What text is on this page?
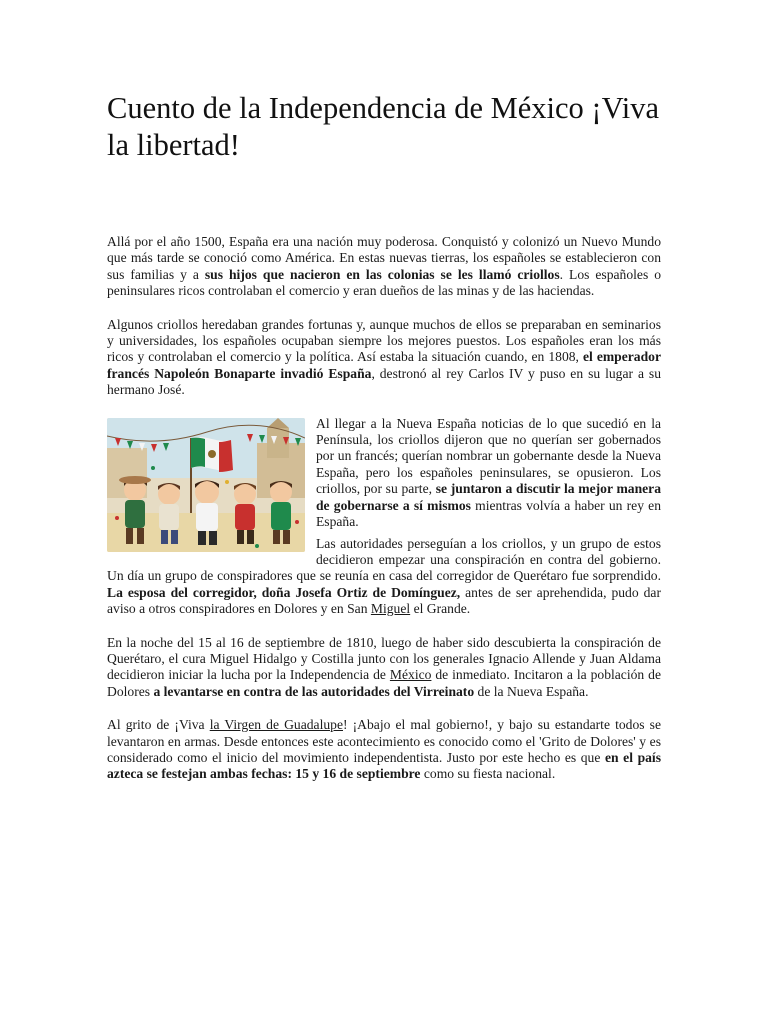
Cuento de la Independencia de México ¡Viva la libertad!

Allá por el año 1500, España era una nación muy poderosa. Conquistó y colonizó un Nuevo Mundo que más tarde se conoció como América. En estas nuevas tierras, los españoles se establecieron con sus familias y a sus hijos que nacieron en las colonias se les llamó criollos. Los españoles o peninsulares ricos controlaban el comercio y eran dueños de las minas y de las haciendas.

Algunos criollos heredaban grandes fortunas y, aunque muchos de ellos se preparaban en seminarios y universidades, los españoles ocupaban siempre los mejores puestos. Los españoles eran los más ricos y controlaban el comercio y la política. Así estaba la situación cuando, en 1808, el emperador francés Napoleón Bonaparte invadió España, destronó al rey Carlos IV y puso en su lugar a su hermano José.

Al llegar a la Nueva España noticias de lo que sucedió en la Península, los criollos dijeron que no querían ser gobernados por un francés; querían nombrar un gobernante desde la Nueva España, pero los españoles peninsulares, se opusieron. Los criollos, por su parte, se juntaron a discutir la mejor manera de gobernarse a sí mismos mientras volvía a haber un rey en España.

Las autoridades perseguían a los criollos, y un grupo de estos decidieron empezar una conspiración en contra del gobierno. Un día un grupo de conspiradores que se reunía en casa del corregidor de Querétaro fue sorprendido. La esposa del corregidor, doña Josefa Ortiz de Domínguez, antes de ser aprehendida, pudo dar aviso a otros conspiradores en Dolores y en San Miguel el Grande.

En la noche del 15 al 16 de septiembre de 1810, luego de haber sido descubierta la conspiración de Querétaro, el cura Miguel Hidalgo y Costilla junto con los generales Ignacio Allende y Juan Aldama decidieron iniciar la lucha por la Independencia de México de inmediato. Incitaron a la población de Dolores a levantarse en contra de las autoridades del Virreinato de la Nueva España.

Al grito de ¡Viva la Virgen de Guadalupe! ¡Abajo el mal gobierno!, y bajo su estandarte todos se levantaron en armas. Desde entonces este acontecimiento es conocido como el 'Grito de Dolores' y es considerado como el inicio del movimiento independentista. Justo por este hecho es que en el país azteca se festejan ambas fechas: 15 y 16 de septiembre como su fiesta nacional.
